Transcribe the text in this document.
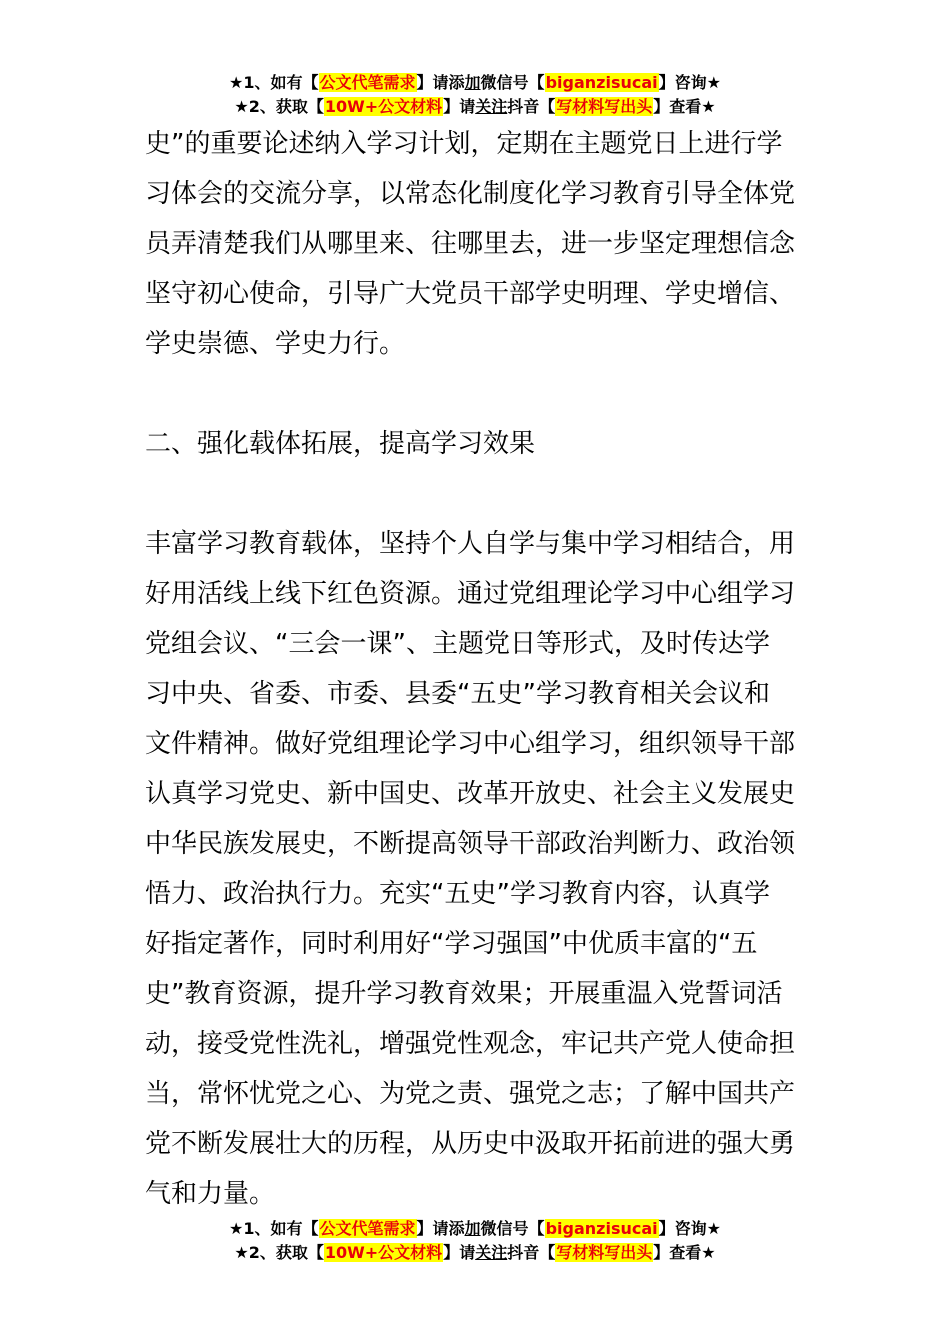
★1、如有【公文代笔需求】请添加微信号【biganzisucai】咨询★
★2、获取【10W+公文材料】请关注抖音【写材料写出头】查看★

史”的重要论述纳入学习计划，定期在主题党日上进行学

习体会的交流分享，以常态化制度化学习教育引导全体党

员弄清楚我们从哪里来、往哪里去，进一步坚定理想信念

坚守初心使命，引导广大党员干部学史明理、学史增信、

学史崇德、学史力行。

二、强化载体拓展，提高学习效果

丰富学习教育载体，坚持个人自学与集中学习相结合，用

好用活线上线下红色资源。通过党组理论学习中心组学习

党组会议、“三会一课”、主题党日等形式，及时传达学

习中央、省委、市委、县委“五史”学习教育相关会议和

文件精神。做好党组理论学习中心组学习，组织领导干部

认真学习党史、新中国史、改革开放史、社会主义发展史

中华民族发展史，不断提高领导干部政治判断力、政治领

悟力、政治执行力。充实“五史”学习教育内容，认真学

好指定著作，同时利用好“学习强国”中优质丰富的“五

史”教育资源，提升学习教育效果；开展重温入党誓词活

动，接受党性洗礼，增强党性观念，牢记共产党人使命担

当，常怀忧党之心、为党之责、强党之志；了解中国共产

党不断发展壮大的历程，从历史中汲取开拓前进的强大勇

气和力量。

★1、如有【公文代笔需求】请添加微信号【biganzisucai】咨询★
★2、获取【10W+公文材料】请关注抖音【写材料写出头】查看★
